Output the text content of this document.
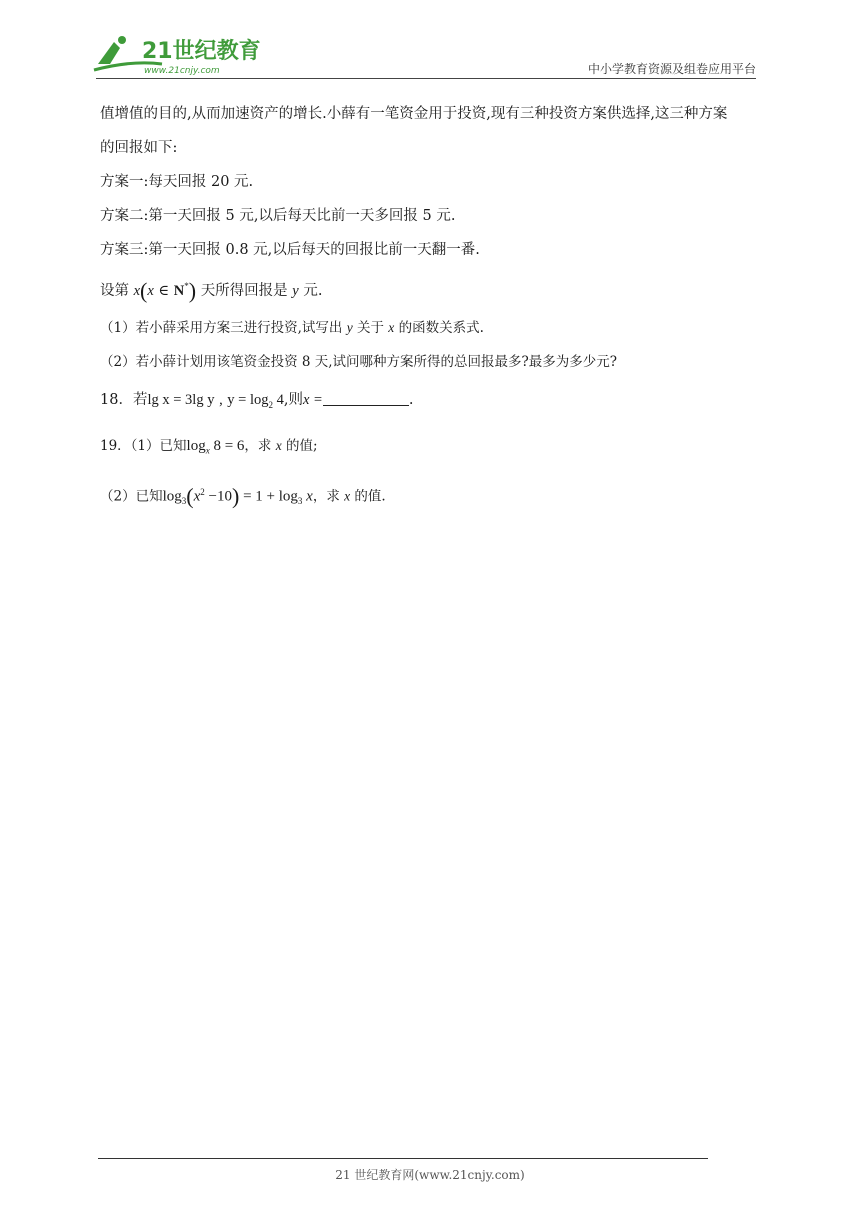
21世纪教育
www.21cnjy.com	中小学教育资源及组卷应用平台
值增值的目的,从而加速资产的增长.小薛有一笔资金用于投资,现有三种投资方案供选择,这三种方案
的回报如下:
方案一:每天回报 20 元.
方案二:第一天回报 5 元,以后每天比前一天多回报 5 元.
方案三:第一天回报 0.8 元,以后每天的回报比前一天翻一番.
设第 x(x ∈ N*) 天所得回报是 y 元.
（1）若小薛采用方案三进行投资,试写出 y 关于 x 的函数关系式.
（2）若小薛计划用该笔资金投资 8 天,试问哪种方案所得的总回报最多?最多为多少元?
18．若lg x = 3lg y , $y = \log_2 4$,则x =	.
19．（1）已知$\log_x 8 = 6$，求 x 的值;
（2）已知$\log_3(x^2 -10) = 1 + \log_3 x$，求 x 的值.
21 世纪教育网(www.21cnjy.com)
